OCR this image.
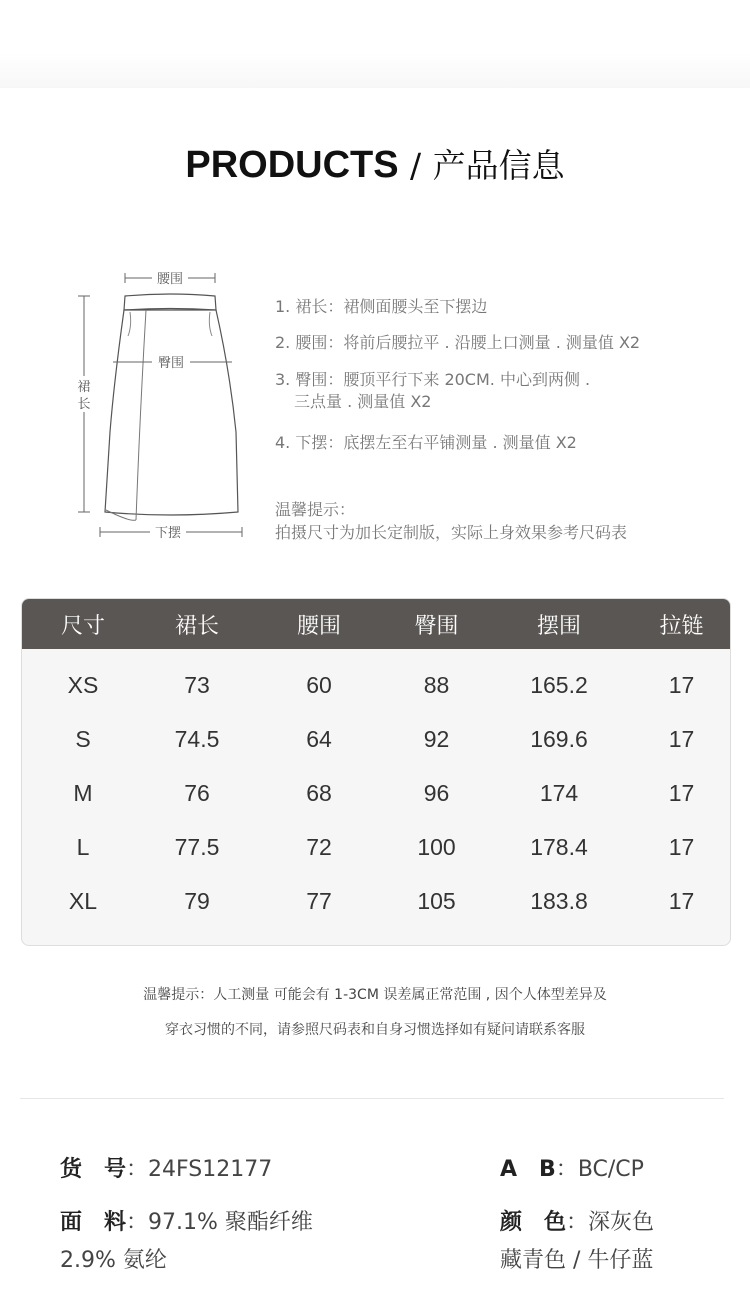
PRODUCTS / 产品信息
腰围
裙
长
臀围
下摆
1. 裙长：裙侧面腰头至下摆边
2. 腰围：将前后腰拉平 . 沿腰上口测量 . 测量值 X2
3. 臀围：腰顶平行下来 20CM. 中心到两侧 .
三点量 . 测量值 X2
4. 下摆：底摆左至右平铺测量 . 测量值 X2
温馨提示：
拍摄尺寸为加长定制版，实际上身效果参考尺码表
尺寸	裙长	腰围	臀围	摆围	拉链
XS	73	60	88	165.2	17
S	74.5	64	92	169.6	17
M	76	68	96	174	17
L	77.5	72	100	178.4	17
XL	79	77	105	183.8	17
温馨提示：人工测量 可能会有 1-3CM 误差属正常范围 , 因个人体型差异及
穿衣习惯的不同，请参照尺码表和自身习惯选择如有疑问请联系客服
货　号：24FS12177	A　B：BC/CP
面　料：97.1% 聚酯纤维
2.9% 氨纶
颜　色：深灰色
藏青色 / 牛仔蓝
